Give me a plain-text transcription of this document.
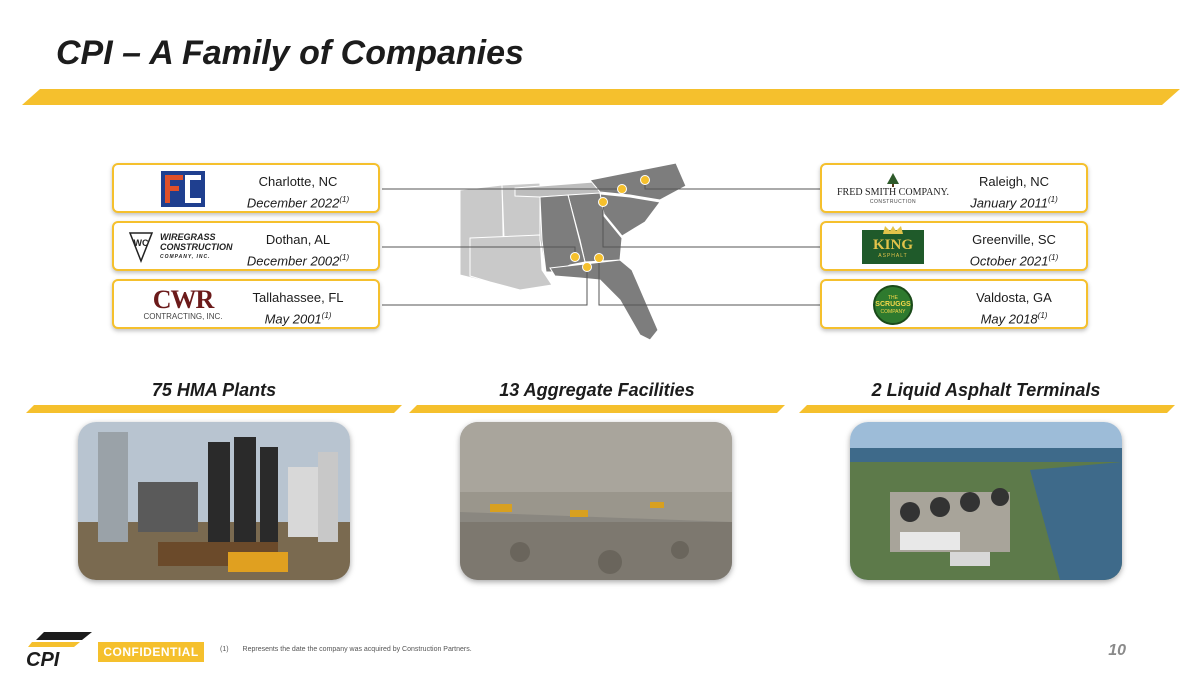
CPI – A Family of Companies
Charlotte, NC
December 2022$^{(1)}$
WC
WIREGRASS
CONSTRUCTION
COMPANY, INC.
Dothan, AL
December 2002$^{(1)}$
CWR
CONTRACTING, INC.
Tallahassee, FL
May 2001$^{(1)}$
FRED SMITH COMPANY.
CONSTRUCTION
Raleigh, NC
January 2011$^{(1)}$
KING
ASPHALT
Greenville, SC
October 2021$^{(1)}$
THE
SCRUGGS
COMPANY
Valdosta, GA
May 2018$^{(1)}$
75 HMA Plants	13 Aggregate Facilities	2 Liquid Asphalt Terminals
CPI	CONFIDENTIAL	(1) Represents the date the company was acquired by Construction Partners.	10
